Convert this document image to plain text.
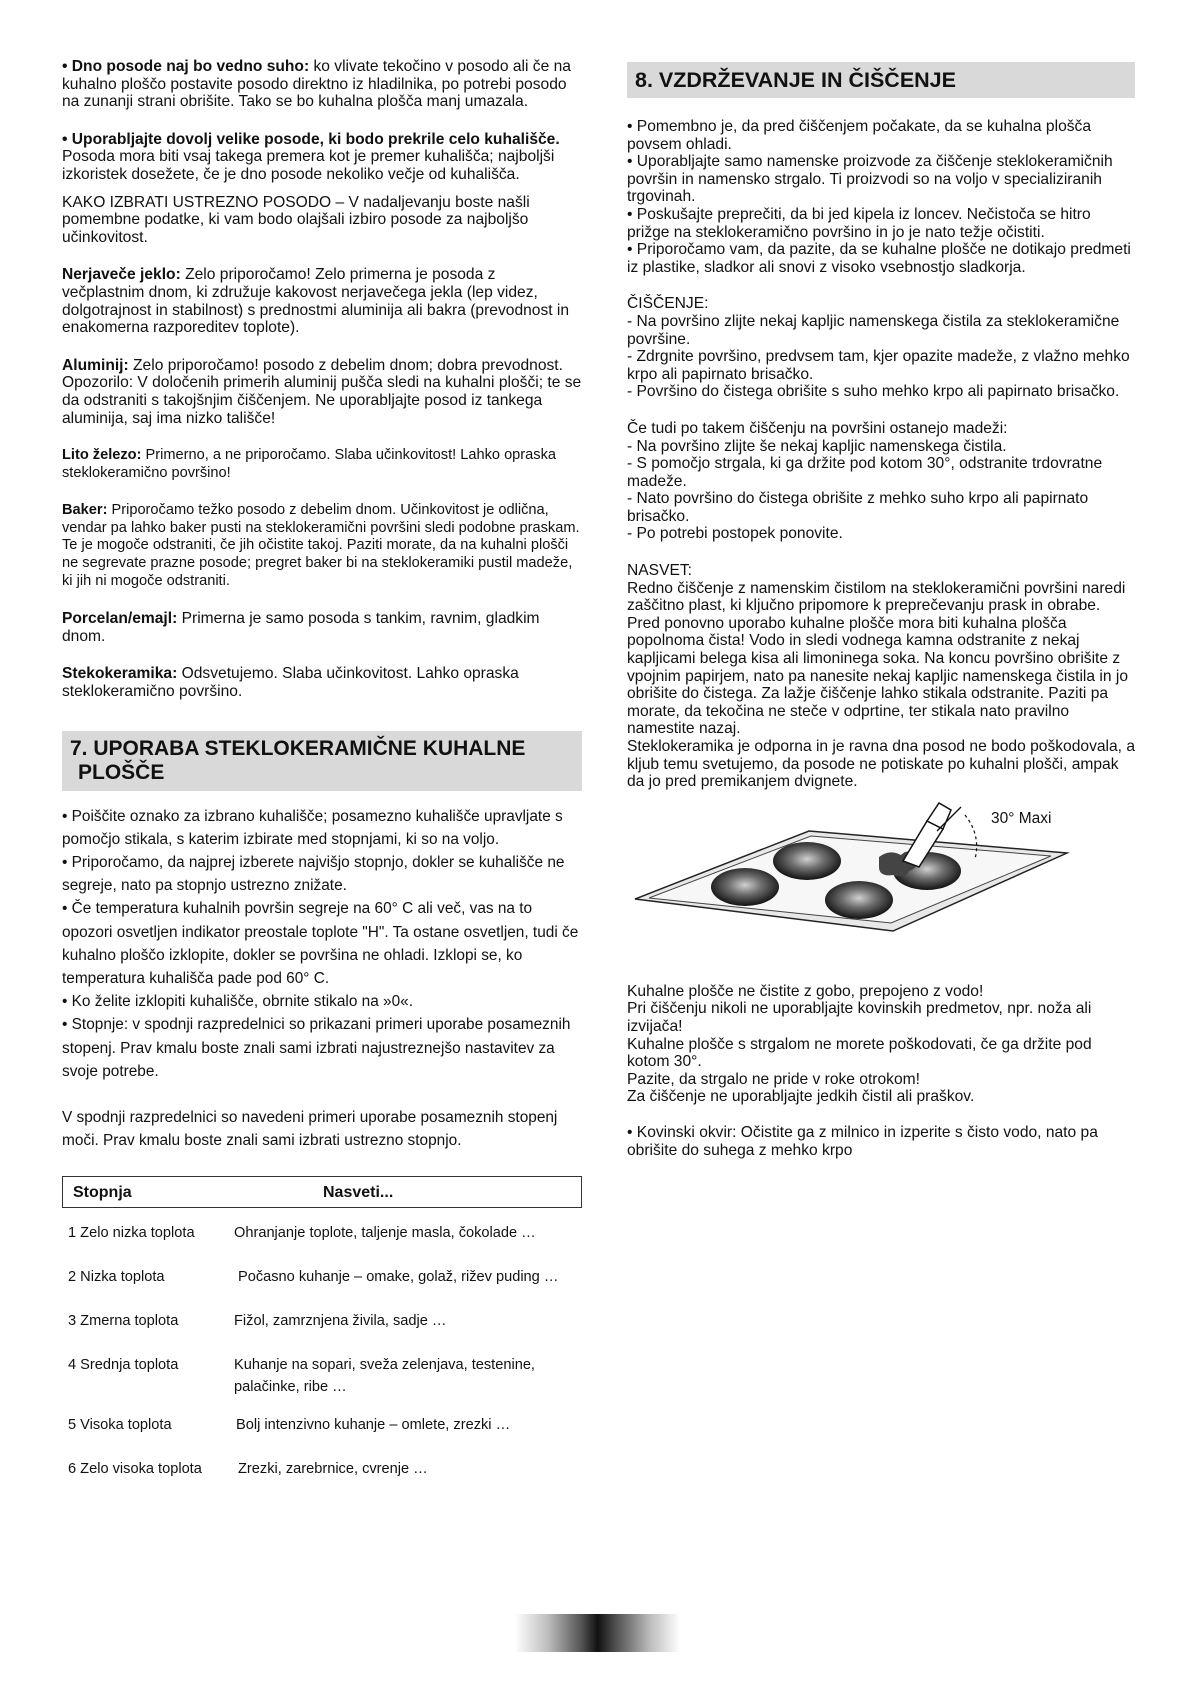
• Dno posode naj bo vedno suho: ko vlivate tekočino v posodo ali če na kuhalno ploščo postavite posodo direktno iz hladilnika, po potrebi posodo na zunanji strani obrišite. Tako se bo kuhalna plošča manj umazala.

• Uporabljajte dovolj velike posode, ki bodo prekrile celo kuhališče. Posoda mora biti vsaj takega premera kot je premer kuhališča; najboljši izkoristek dosežete, če je dno posode nekoliko večje od kuhališča.

KAKO IZBRATI USTREZNO POSODO – V nadaljevanju boste našli pomembne podatke, ki vam bodo olajšali izbiro posode za najboljšo učinkovitost.

Nerjaveče jeklo: Zelo priporočamo! Zelo primerna je posoda z večplastnim dnom, ki združuje kakovost nerjavečega jekla (lep videz, dolgotrajnost in stabilnost) s prednostmi aluminija ali bakra (prevodnost in enakomerna razporeditev toplote).

Aluminij: Zelo priporočamo! posodo z debelim dnom; dobra prevodnost. Opozorilo: V določenih primerih aluminij pušča sledi na kuhalni plošči; te se da odstraniti s takojšnjim čiščenjem. Ne uporabljajte posod iz tankega aluminija, saj ima nizko tališče!

Lito železo: Primerno, a ne priporočamo. Slaba učinkovitost! Lahko opraska steklokeramično površino!

Baker: Priporočamo težko posodo z debelim dnom. Učinkovitost je odlična, vendar pa lahko baker pusti na steklokeramični površini sledi podobne praskam. Te je mogoče odstraniti, če jih očistite takoj. Paziti morate, da na kuhalni plošči ne segrevate prazne posode; pregret baker bi na steklokeramiki pustil madeže, ki jih ni mogoče odstraniti.

Porcelan/emajl: Primerna je samo posoda s tankim, ravnim, gladkim dnom.

Stekokeramika: Odsvetujemo. Slaba učinkovitost. Lahko opraska steklokeramično površino.

7. UPORABA STEKLOKERAMIČNE KUHALNE
PLOŠČE

• Poiščite oznako za izbrano kuhališče; posamezno kuhališče upravljate s pomočjo stikala, s katerim izbirate med stopnjami, ki so na voljo.

• Priporočamo, da najprej izberete najvišjo stopnjo, dokler se kuhališče ne segreje, nato pa stopnjo ustrezno znižate.

• Če temperatura kuhalnih površin segreje na 60° C ali več, vas na to opozori osvetljen indikator preostale toplote "H". Ta ostane osvetljen, tudi če kuhalno ploščo izklopite, dokler se površina ne ohladi. Izklopi se, ko temperatura kuhališča pade pod 60° C.

• Ko želite izklopiti kuhališče, obrnite stikalo na »0«.

• Stopnje: v spodnji razpredelnici so prikazani primeri uporabe posameznih stopenj. Prav kmalu boste znali sami izbrati najustreznejšo nastavitev za svoje potrebe.

V spodnji razpredelnici so navedeni primeri uporabe posameznih stopenj moči. Prav kmalu boste znali sami izbrati ustrezno stopnjo.

Stopnja	Nasveti...
1 Zelo nizka toplota	Ohranjanje toplote, taljenje masla, čokolade …
2 Nizka toplota	Počasno kuhanje – omake, golaž, rižev puding …
3 Zmerna toplota	Fižol, zamrznjena živila, sadje …
4 Srednja toplota	Kuhanje na sopari, sveža zelenjava, testenine, palačinke, ribe …
5 Visoka toplota	Bolj intenzivno kuhanje – omlete, zrezki …
6 Zelo visoka toplota	Zrezki, zarebrnice, cvrenje …
8. VZDRŽEVANJE IN ČIŠČENJE

• Pomembno je, da pred čiščenjem počakate, da se kuhalna plošča povsem ohladi.

• Uporabljajte samo namenske proizvode za čiščenje steklokeramičnih površin in namensko strgalo. Ti proizvodi so na voljo v specializiranih trgovinah.

• Poskušajte preprečiti, da bi jed kipela iz loncev. Nečistoča se hitro prižge na steklokeramično površino in jo je nato težje očistiti.

• Priporočamo vam, da pazite, da se kuhalne plošče ne dotikajo predmeti iz plastike, sladkor ali snovi z visoko vsebnostjo sladkorja.

ČIŠČENJE:

- Na površino zlijte nekaj kapljic namenskega čistila za steklokeramične površine.

- Zdrgnite površino, predvsem tam, kjer opazite madeže, z vlažno mehko krpo ali papirnato brisačko.

- Površino do čistega obrišite s suho mehko krpo ali papirnato brisačko.

Če tudi po takem čiščenju na površini ostanejo madeži:

- Na površino zlijte še nekaj kapljic namenskega čistila.

- S pomočjo strgala, ki ga držite pod kotom 30°, odstranite trdovratne madeže.

- Nato površino do čistega obrišite z mehko suho krpo ali papirnato brisačko.

- Po potrebi postopek ponovite.

NASVET:

Redno čiščenje z namenskim čistilom na steklokeramični površini naredi zaščitno plast, ki ključno pripomore k preprečevanju prask in obrabe. Pred ponovno uporabo kuhalne plošče mora biti kuhalna plošča popolnoma čista! Vodo in sledi vodnega kamna odstranite z nekaj kapljicami belega kisa ali limoninega soka. Na koncu površino obrišite z vpojnim papirjem, nato pa nanesite nekaj kapljic namenskega čistila in jo obrišite do čistega. Za lažje čiščenje lahko stikala odstranite. Paziti pa morate, da tekočina ne steče v odprtine, ter stikala nato pravilno namestite nazaj.

Steklokeramika je odporna in je ravna dna posod ne bodo poškodovala, a kljub temu svetujemo, da posode ne potiskate po kuhalni plošči, ampak da jo pred premikanjem dvignete.

30° Maxi

Kuhalne plošče ne čistite z gobo, prepojeno z vodo!

Pri čiščenju nikoli ne uporabljajte kovinskih predmetov, npr. noža ali izvijača!

Kuhalne plošče s strgalom ne morete poškodovati, če ga držite pod kotom 30°.

Pazite, da strgalo ne pride v roke otrokom!

Za čiščenje ne uporabljajte jedkih čistil ali praškov.

• Kovinski okvir: Očistite ga z milnico in izperite s čisto vodo, nato pa obrišite do suhega z mehko krpo
